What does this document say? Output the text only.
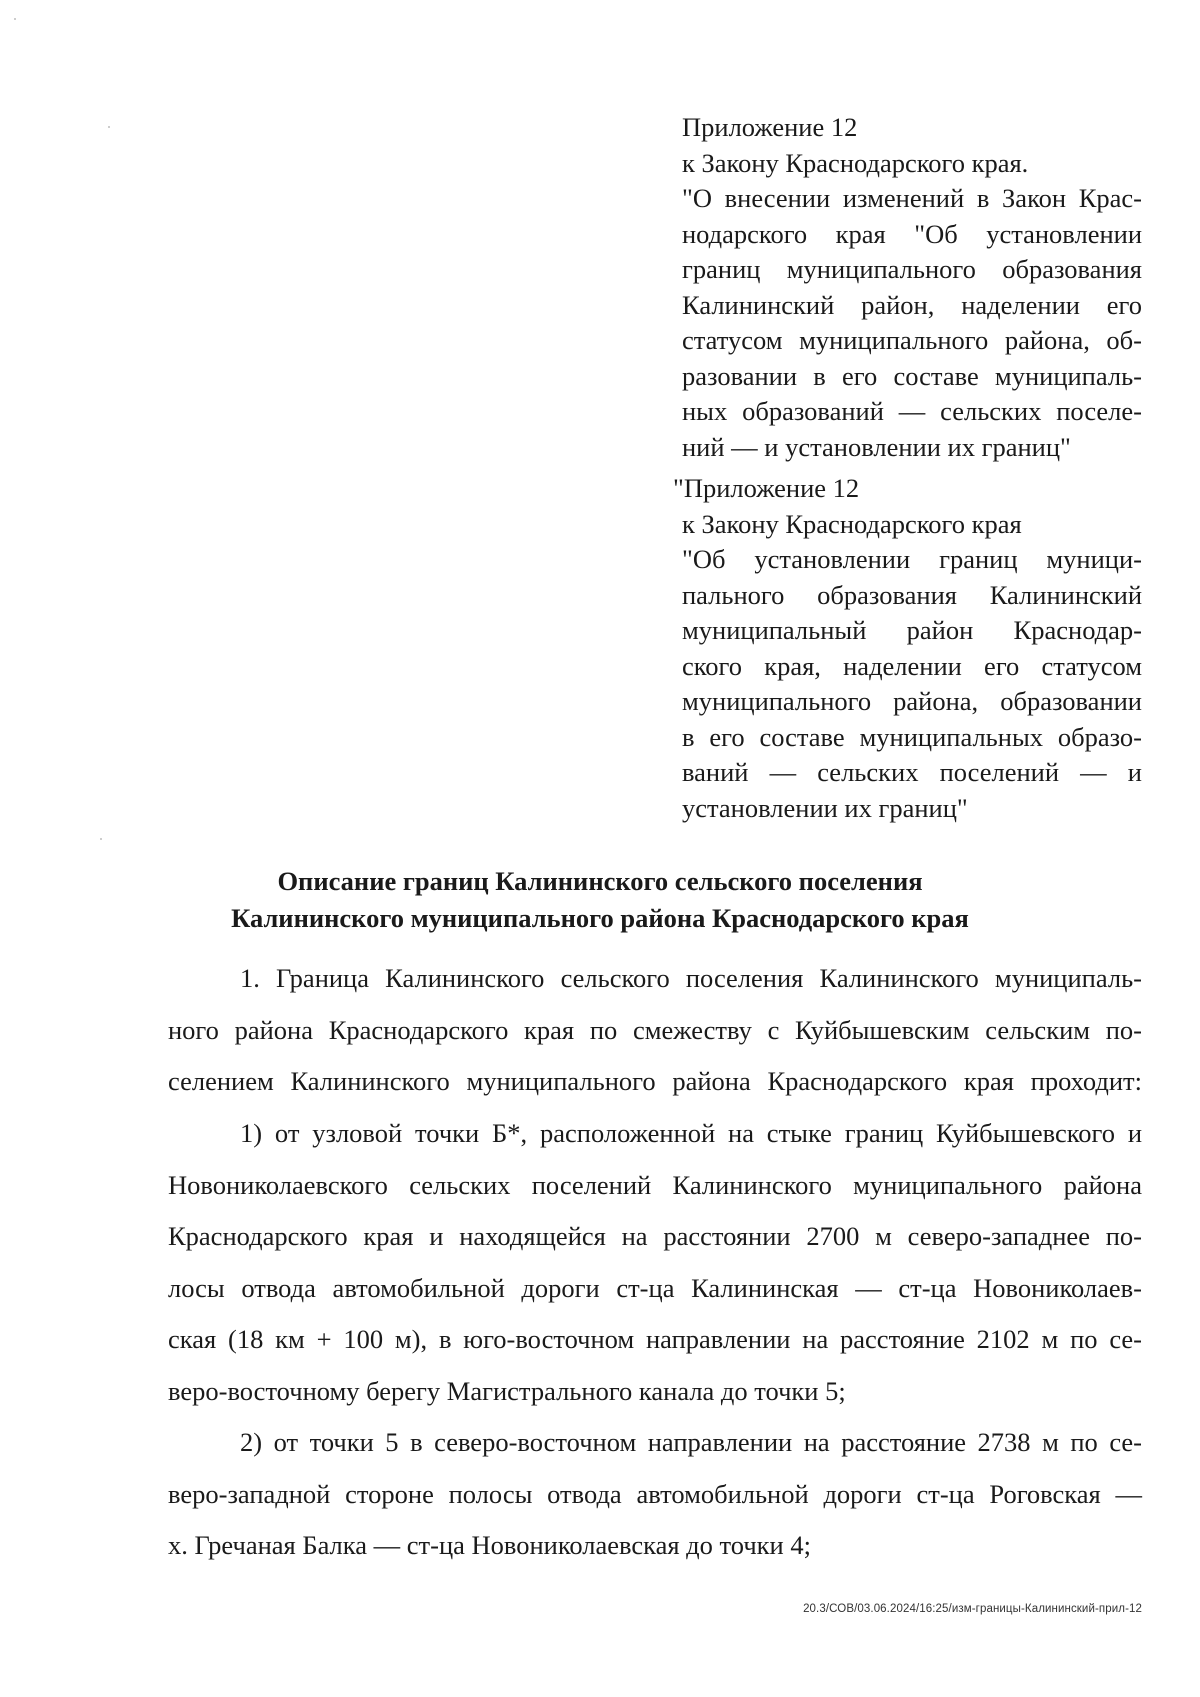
Приложение 12
к Закону Краснодарского края.
"О внесении изменений в Закон Крас-
нодарского края "Об установлении
границ муниципального образования
Калининский район, наделении его
статусом муниципального района, об-
разовании в его составе муниципаль-
ных образований — сельских поселе-
ний — и установлении их границ"
"Приложение 12
к Закону Краснодарского края
"Об установлении границ муници-
пального образования Калининский
муниципальный район Краснодар-
ского края, наделении его статусом
муниципального района, образовании
в его составе муниципальных образо-
ваний — сельских поселений — и
установлении их границ"
Описание границ Калининского сельского поселения
Калининского муниципального района Краснодарского края
1. Граница Калининского сельского поселения Калининского муниципаль-
ного района Краснодарского края по смежеству с Куйбышевским сельским по-
селением Калининского муниципального района Краснодарского края проходит:
1) от узловой точки Б*, расположенной на стыке границ Куйбышевского и
Новониколаевского сельских поселений Калининского муниципального района
Краснодарского края и находящейся на расстоянии 2700 м северо-западнее по-
лосы отвода автомобильной дороги ст-ца Калининская — ст-ца Новониколаев-
ская (18 км + 100 м), в юго-восточном направлении на расстояние 2102 м по се-
веро-восточному берегу Магистрального канала до точки 5;
2) от точки 5 в северо-восточном направлении на расстояние 2738 м по се-
веро-западной стороне полосы отвода автомобильной дороги ст-ца Роговская —
х. Гречаная Балка — ст-ца Новониколаевская до точки 4;
20.3/СОВ/03.06.2024/16:25/изм-границы-Калининский-прил-12
